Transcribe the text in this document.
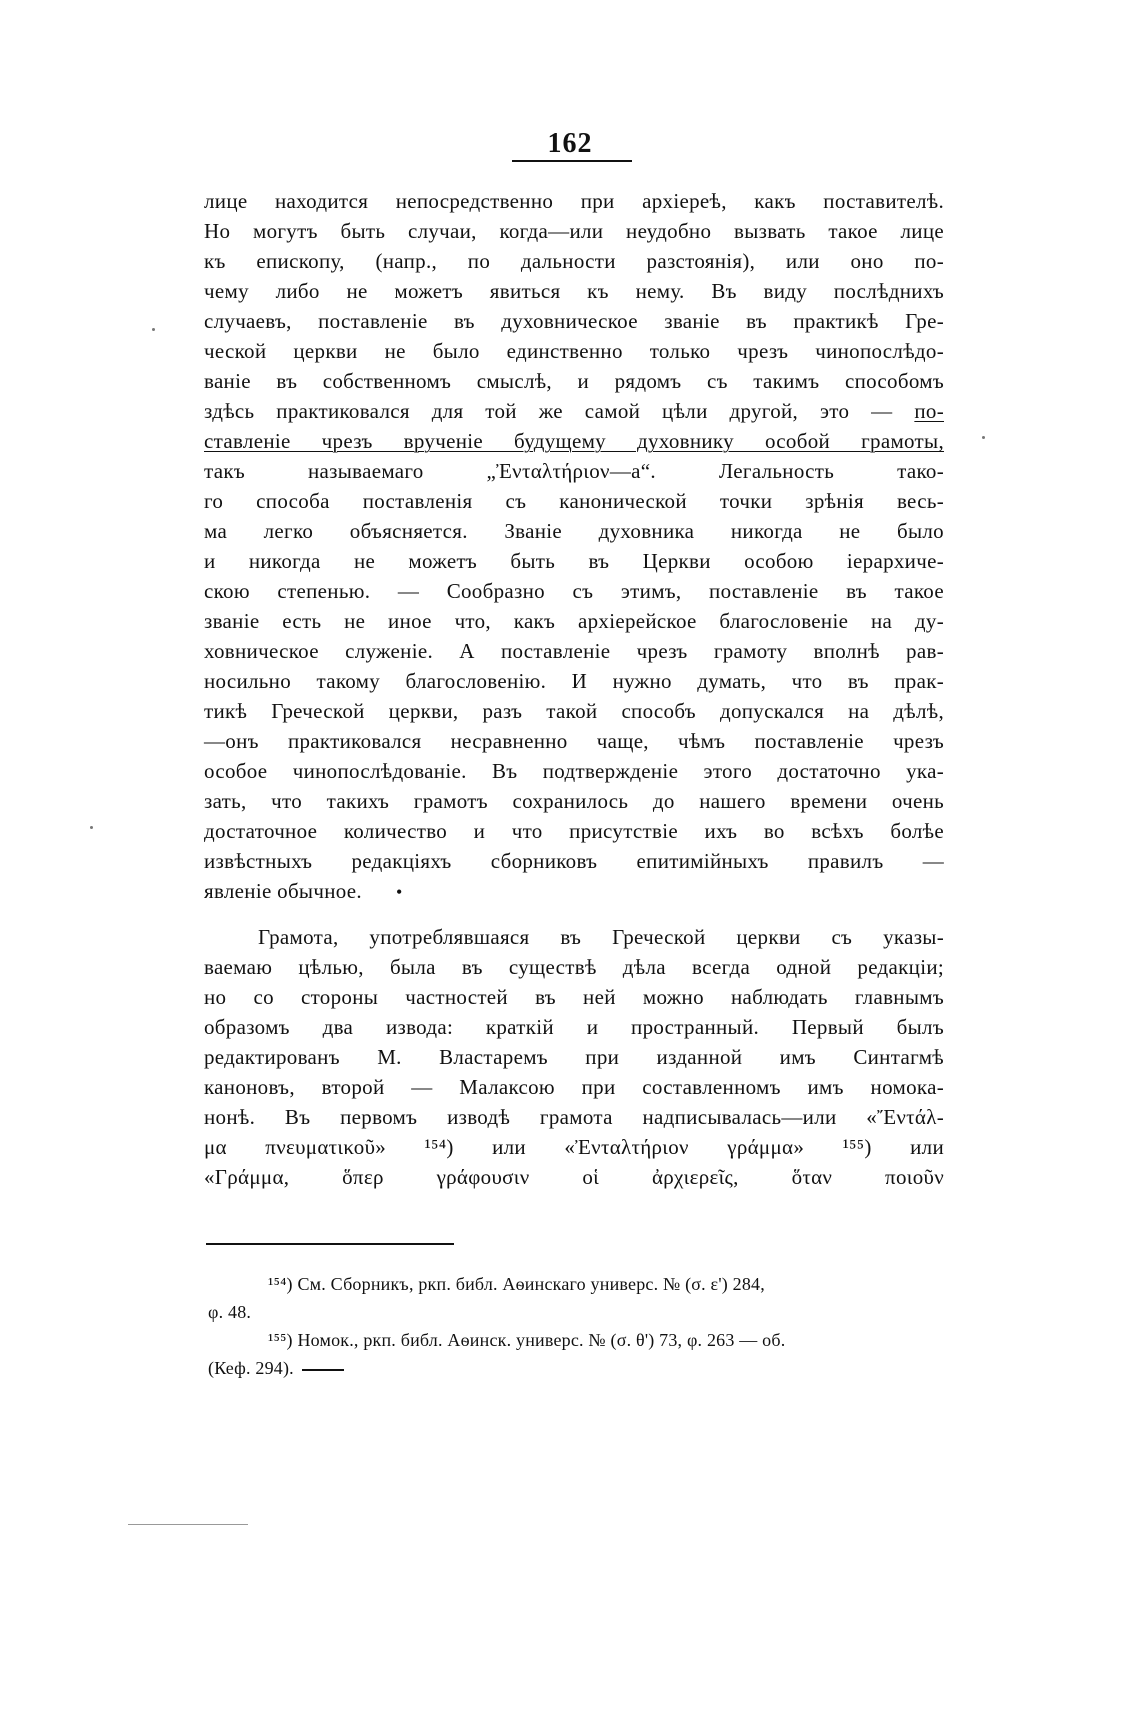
162
лице находится непосредственно при архіереѣ, какъ поставителѣ.
Но могутъ быть случаи, когда—или неудобно вызвать такое лице
къ епископу, (напр., по дальности разстоянія), или оно по-
чему либо не можетъ явиться къ нему. Въ виду послѣднихъ
случаевъ, поставленіе въ духовническое званіе въ практикѣ Гре-
ческой церкви не было единственно только чрезъ чинопослѣдо-
ваніе въ собственномъ смыслѣ, и рядомъ съ такимъ способомъ
здѣсь практиковался для той же самой цѣли другой, это — по-
ставленіе чрезъ врученіе будущему духовнику особой грамоты,
такъ называемаго „Ἐνταλτήριον—а“. Легальность тако-
го способа поставленія съ канонической точки зрѣнія весь-
ма легко объясняется. Званіе духовника никогда не было
и никогда не можетъ быть въ Церкви особою іерархиче-
скою степенью. — Сообразно съ этимъ, поставленіе въ такое
званіе есть не иное что, какъ архіерейское благословеніе на ду-
ховническое служеніе. А поставленіе чрезъ грамоту вполнѣ рав-
носильно такому благословенію. И нужно думать, что въ прак-
тикѣ Греческой церкви, разъ такой способъ допускался на дѣлѣ,
—онъ практиковался несравненно чаще, чѣмъ поставленіе чрезъ
особое чинопослѣдованіе. Въ подтвержденіе этого достаточно ука-
зать, что такихъ грамотъ сохранилось до нашего времени очень
достаточное количество и что присутствіе ихъ во всѣхъ болѣе
извѣстныхъ редакціяхъ сборниковъ епитимійныхъ правилъ —
явленіе обычное. •
Грамота, употреблявшаяся въ Греческой церкви съ указы-
ваемаю цѣлью, была въ существѣ дѣла всегда одной редакціи;
но со стороны частностей въ ней можно наблюдать главнымъ
образомъ два извода: краткій и пространный. Первый былъ
редактированъ М. Властаремъ при изданной имъ Синтагмѣ
каноновъ, второй — Малаксою при составленномъ имъ номока-
нонѣ. Въ первомъ изводѣ грамота надписывалась—или «Ἔντάλ-
μα πνευματικοῦ» ¹⁵⁴) или «Ἐνταλτήριον γράμμα» ¹⁵⁵) или
«Γράμμα, ὅπερ γράφουσιν οἱ ἀρχιερεῖς, ὅταν ποιοῦν
¹⁵⁴) См. Сборникъ, ркп. библ. Аѳинскаго универс. № (σ. ε') 284,
φ. 48.
¹⁵⁵) Номок., ркп. библ. Аѳинск. универс. № (σ. θ') 73, φ. 263 — об.
(Кеф. 294).
